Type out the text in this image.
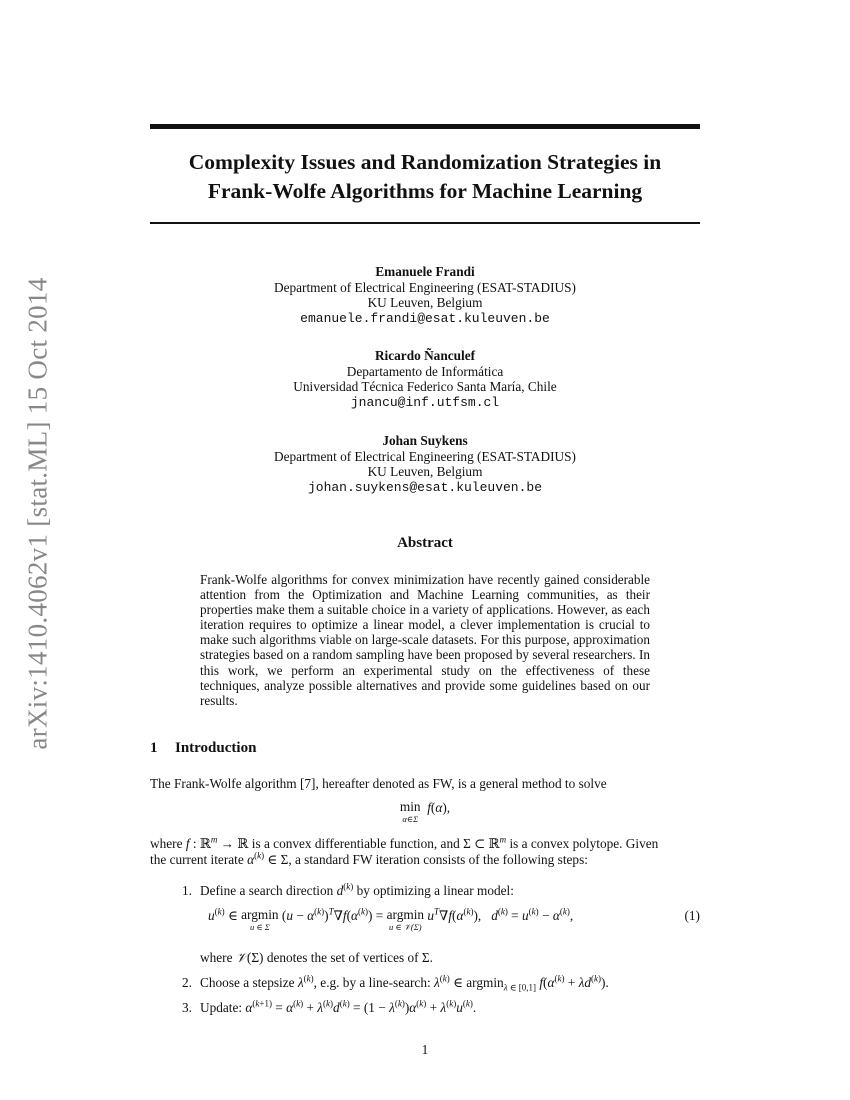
arXiv:1410.4062v1 [stat.ML] 15 Oct 2014
Complexity Issues and Randomization Strategies in
Frank-Wolfe Algorithms for Machine Learning
Emanuele Frandi
Department of Electrical Engineering (ESAT-STADIUS)
KU Leuven, Belgium
emanuele.frandi@esat.kuleuven.be
Ricardo Ñanculef
Departamento de Informática
Universidad Técnica Federico Santa María, Chile
jnancu@inf.utfsm.cl
Johan Suykens
Department of Electrical Engineering (ESAT-STADIUS)
KU Leuven, Belgium
johan.suykens@esat.kuleuven.be
Abstract

Frank-Wolfe algorithms for convex minimization have recently gained considerable attention from the Optimization and Machine Learning communities, as their properties make them a suitable choice in a variety of applications. However, as each iteration requires to optimize a linear model, a clever implementation is crucial to make such algorithms viable on large-scale datasets. For this purpose, approximation strategies based on a random sampling have been proposed by several researchers. In this work, we perform an experimental study on the effectiveness of these techniques, analyze possible alternatives and provide some guidelines based on our results.

1 Introduction

The Frank-Wolfe algorithm [7], hereafter denoted as FW, is a general method to solve

min
α∈Σ
f(α),

where f : ℝ$^m$ → ℝ is a convex differentiable function, and Σ ⊂ ℝ$^m$ is a convex polytope. Given
the current iterate $\alpha^{(k)}$ ∈ Σ, a standard FW iteration consists of the following steps:

1. Define a search direction $d^{(k)}$ by optimizing a linear model:
$u^{(k)}$ ∈ argmin
u ∈ Σ
$(u - \alpha^{(k)})^T\nabla f(\alpha^{(k)}) = argmin$
u ∈ 𝒱(Σ)
$u^T\nabla f(\alpha^{(k)})$,   $d^{(k)} = u^{(k)} - \alpha^{(k)}$,	(1)
where 𝒱(Σ) denotes the set of vertices of Σ.
2. Choose a stepsize $\lambda^{(k)}$, e.g. by a line-search: $\lambda^{(k)}$ ∈ argmin$_{\lambda \in [0,1]}$ $f(\alpha^{(k)} + \lambda d^{(k)})$.
3. Update: $\alpha^{(k+1)} = \alpha^{(k)} + \lambda^{(k)}d^{(k)} = (1 - \lambda^{(k)})\alpha^{(k)} + \lambda^{(k)}u^{(k)}$.
1
